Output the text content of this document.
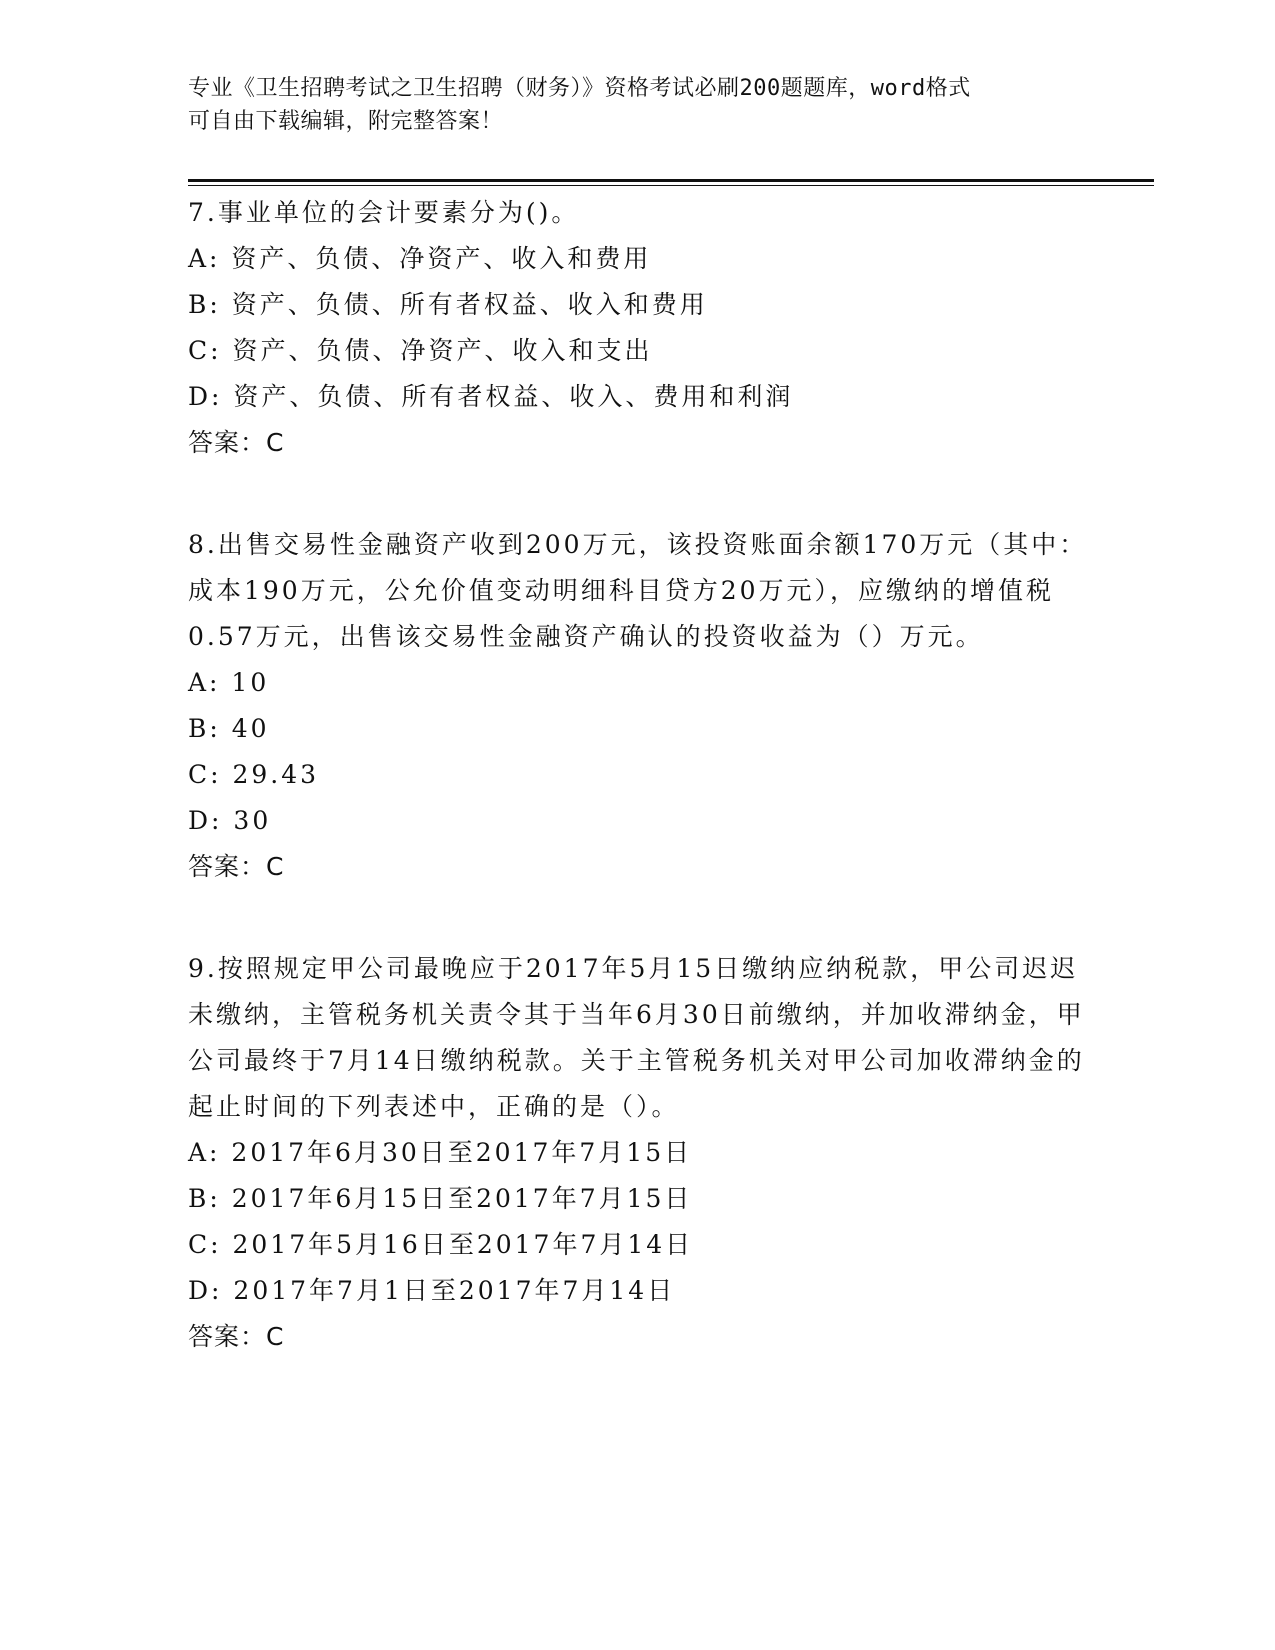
专业《卫生招聘考试之卫生招聘（财务）》资格考试必刷200题题库，word格式
可自由下载编辑，附完整答案！
7.事业单位的会计要素分为()。
A: 资产、负债、净资产、收入和费用
B: 资产、负债、所有者权益、收入和费用
C: 资产、负债、净资产、收入和支出
D: 资产、负债、所有者权益、收入、费用和利润
答案：C
8.出售交易性金融资产收到200万元，该投资账面余额170万元（其中：成本190万元，公允价值变动明细科目贷方20万元），应缴纳的增值税0.57万元，出售该交易性金融资产确认的投资收益为（）万元。
A: 10
B: 40
C: 29.43
D: 30
答案：C
9.按照规定甲公司最晚应于2017年5月15日缴纳应纳税款，甲公司迟迟未缴纳，主管税务机关责令其于当年6月30日前缴纳，并加收滞纳金，甲公司最终于7月14日缴纳税款。关于主管税务机关对甲公司加收滞纳金的起止时间的下列表述中，正确的是（）。
A: 2017年6月30日至2017年7月15日
B: 2017年6月15日至2017年7月15日
C: 2017年5月16日至2017年7月14日
D: 2017年7月1日至2017年7月14日
答案：C
